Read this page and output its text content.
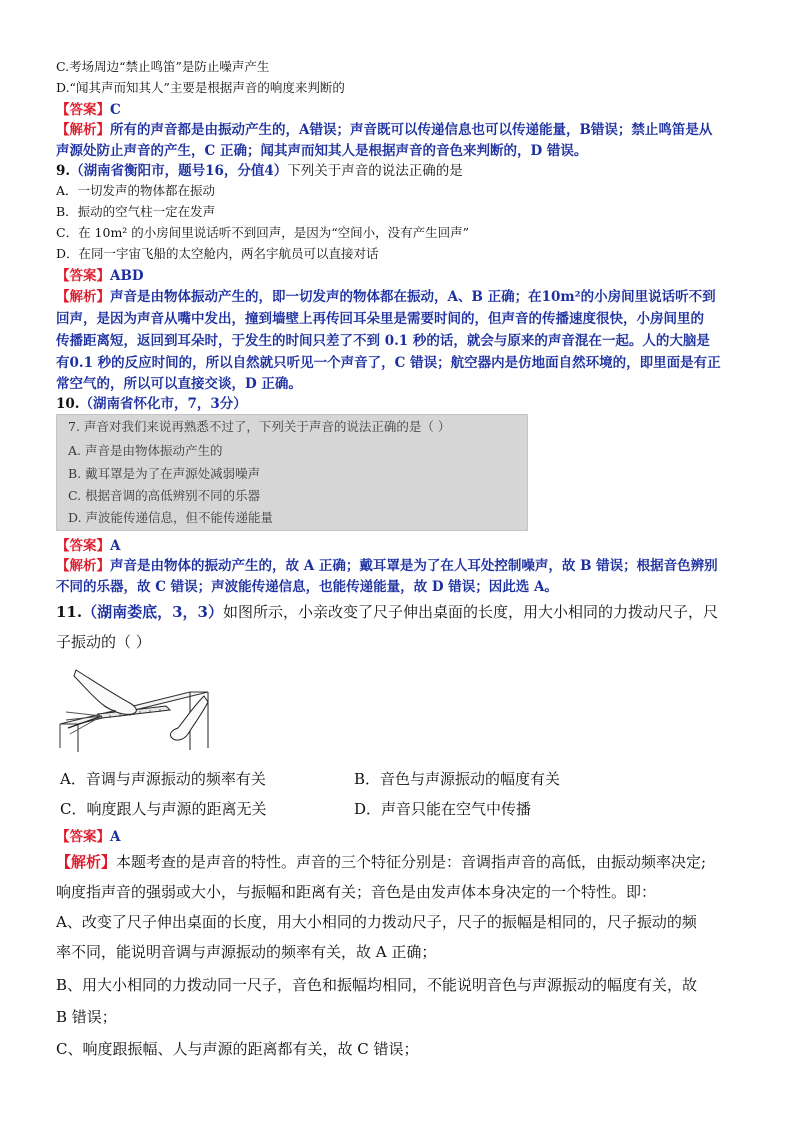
C.考场周边“禁止鸣笛”是防止噪声产生
D.“闻其声而知其人”主要是根据声音的响度来判断的
【答案】C
【解析】所有的声音都是由振动产生的，A错误；声音既可以传递信息也可以传递能量，B错误；禁止鸣笛是从
声源处防止声音的产生，C 正确；闻其声而知其人是根据声音的音色来判断的，D 错误。
9.（湖南省衡阳市，题号16，分值4）下列关于声音的说法正确的是
A．一切发声的物体都在振动
B．振动的空气柱一定在发声
C．在 10m² 的小房间里说话听不到回声，是因为“空间小，没有产生回声”
D．在同一宇宙飞船的太空舱内，两名宇航员可以直接对话
【答案】ABD
【解析】声音是由物体振动产生的，即一切发声的物体都在振动，A、B 正确；在10m²的小房间里说话听不到
回声，是因为声音从嘴中发出，撞到墙壁上再传回耳朵里是需要时间的，但声音的传播速度很快，小房间里的
传播距离短，返回到耳朵时，于发生的时间只差了不到 0.1 秒的话，就会与原来的声音混在一起。人的大脑是
有0.1 秒的反应时间的，所以自然就只听见一个声音了，C 错误；航空器内是仿地面自然环境的，即里面是有正
常空气的，所以可以直接交谈，D 正确。
10.（湖南省怀化市，7，3分）
7. 声音对我们来说再熟悉不过了，下列关于声音的说法正确的是（ ）
A. 声音是由物体振动产生的
B. 戴耳罩是为了在声源处减弱噪声
C. 根据音调的高低辨别不同的乐器
D. 声波能传递信息，但不能传递能量
【答案】A
【解析】声音是由物体的振动产生的，故 A 正确；戴耳罩是为了在人耳处控制噪声，故 B 错误；根据音色辨别
不同的乐器，故 C 错误；声波能传递信息，也能传递能量，故 D 错误；因此选 A。
11.（湖南娄底，3，3）如图所示，小亲改变了尺子伸出桌面的长度，用大小相同的力拨动尺子，尺
子振动的（ ）
A．音调与声源振动的频率有关	B．音色与声源振动的幅度有关
C．响度跟人与声源的距离无关	D．声音只能在空气中传播
【答案】A
【解析】本题考查的是声音的特性。声音的三个特征分别是：音调指声音的高低，由振动频率决定;
响度指声音的强弱或大小，与振幅和距离有关；音色是由发声体本身决定的一个特性。即：
A、改变了尺子伸出桌面的长度，用大小相同的力拨动尺子，尺子的振幅是相同的，尺子振动的频
率不同，能说明音调与声源振动的频率有关，故 A 正确；
B、用大小相同的力拨动同一尺子，音色和振幅均相同，不能说明音色与声源振动的幅度有关，故
B 错误；
C、响度跟振幅、人与声源的距离都有关，故 C 错误；
